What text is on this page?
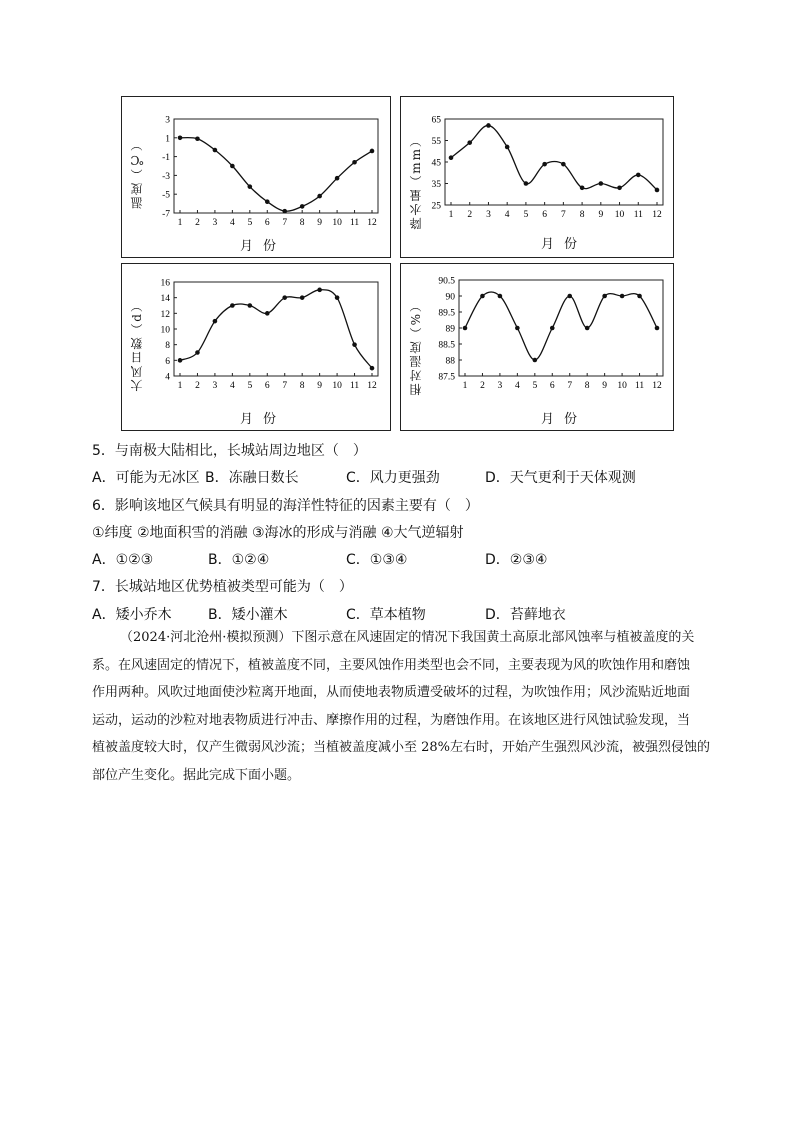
3
1
-1
-3
-5
-7
1 2 3 4 5 6 7 8 9 10 11 12
温度（℃）
月份
65
55
45
35
25
1 2 3 4 5 6 7 8 9 10 11 12
降水量（mm）
月份
16
14
12
10
8
6
4
1 2 3 4 5 6 7 8 9 10 11 12
大风日数（d）
月份
90.5
90
89.5
89
88.5
88
87.5
1 2 3 4 5 6 7 8 9 10 11 12
相对湿度（%）
月份
5．与南极大陆相比，长城站周边地区（　）
A．可能为无冰区 B．冻融日数长	C．风力更强劲	D．天气更利于天体观测
6．影响该地区气候具有明显的海洋性特征的因素主要有（　）
①纬度 ②地面积雪的消融 ③海冰的形成与消融 ④大气逆辐射
A．①②③	B．①②④	C．①③④	D．②③④
7．长城站地区优势植被类型可能为（　）
A．矮小乔木	B．矮小灌木	C．草本植物	D．苔藓地衣

（2024·河北沧州·模拟预测）下图示意在风速固定的情况下我国黄土高原北部风蚀率与植被盖度的关

系。在风速固定的情况下，植被盖度不同，主要风蚀作用类型也会不同，主要表现为风的吹蚀作用和磨蚀

作用两种。风吹过地面使沙粒离开地面，从而使地表物质遭受破坏的过程，为吹蚀作用；风沙流贴近地面

运动，运动的沙粒对地表物质进行冲击、摩擦作用的过程，为磨蚀作用。在该地区进行风蚀试验发现，当

植被盖度较大时，仅产生微弱风沙流；当植被盖度减小至 28%左右时，开始产生强烈风沙流，被强烈侵蚀的

部位产生变化。据此完成下面小题。
